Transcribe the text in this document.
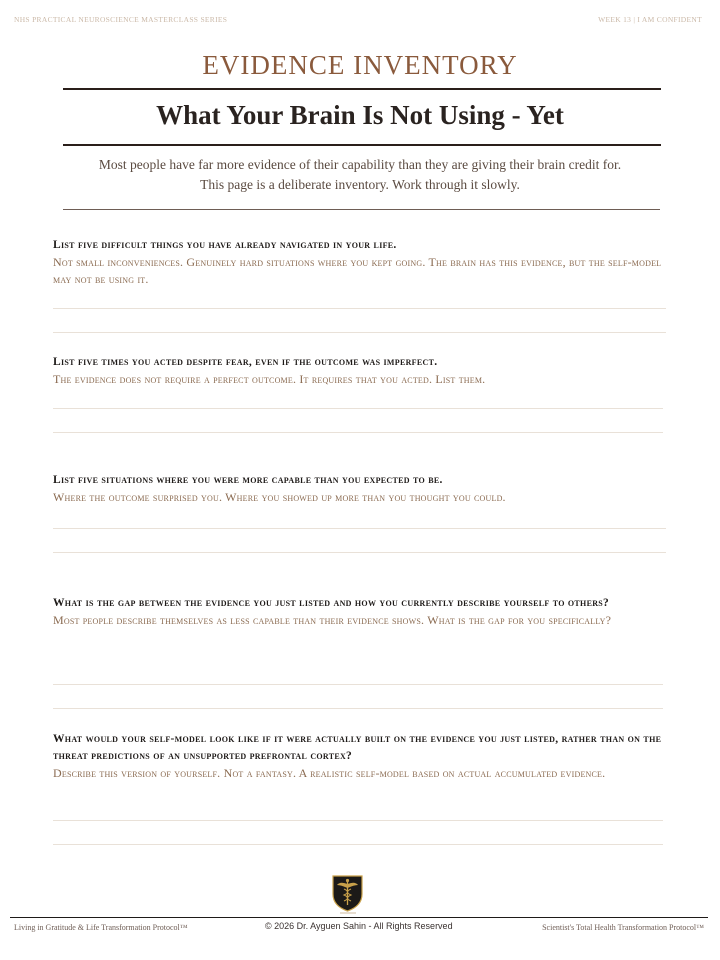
NHS PRACTICAL NEUROSCIENCE MASTERCLASS SERIES	WEEK 13 | I AM CONFIDENT
EVIDENCE INVENTORY
What Your Brain Is Not Using - Yet
Most people have far more evidence of their capability than they are giving their brain credit for.
This page is a deliberate inventory. Work through it slowly.
List five difficult things you have already navigated in your life.
Not small inconveniences. Genuinely hard situations where you kept going. The brain has this evidence, but the self-model may not be using it.
List five times you acted despite fear, even if the outcome was imperfect.
The evidence does not require a perfect outcome. It requires that you acted. List them.
List five situations where you were more capable than you expected to be.
Where the outcome surprised you. Where you showed up more than you thought you could.
What is the gap between the evidence you just listed and how you currently describe yourself to others?
Most people describe themselves as less capable than their evidence shows. What is the gap for you specifically?
What would your self-model look like if it were actually built on the evidence you just listed, rather than on the threat predictions of an unsupported prefrontal cortex?
Describe this version of yourself. Not a fantasy. A realistic self-model based on actual accumulated evidence.
Living in Gratitude & Life Transformation Protocol™	© 2026 Dr. Ayguen Sahin - All Rights Reserved	Scientist's Total Health Transformation Protocol™
